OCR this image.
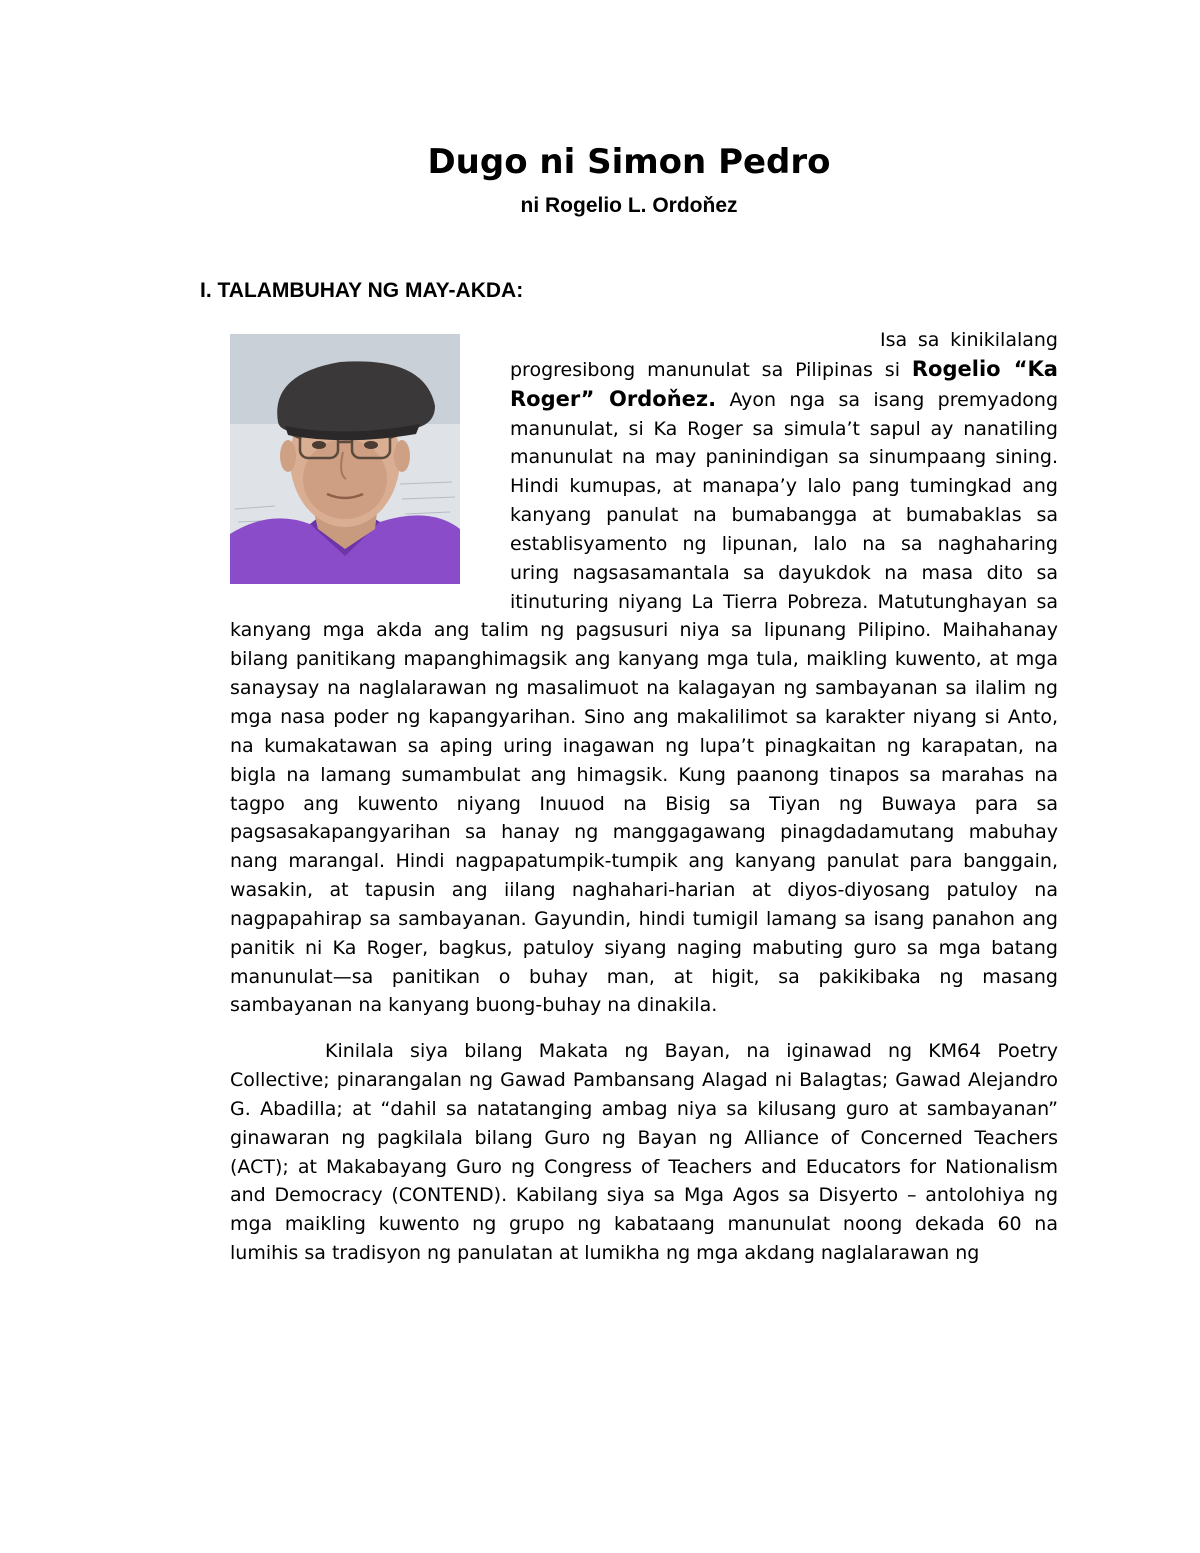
Dugo ni Simon Pedro
ni Rogelio L. Ordoňez
I. TALAMBUHAY NG MAY-AKDA:

Isa sa kinikilalang progresibong manunulat sa Pilipinas si Rogelio “Ka Roger” Ordoňez. Ayon nga sa isang premyadong manunulat, si Ka Roger sa simula’t sapul ay nanatiling manunulat na may paninindigan sa sinumpaang sining. Hindi kumupas, at manapa’y lalo pang tumingkad ang kanyang panulat na bumabangga at bumabaklas sa establisyamento ng lipunan, lalo na sa naghaharing uring nagsasamantala sa dayukdok na masa dito sa itinuturing niyang La Tierra Pobreza. Matutunghayan sa kanyang mga akda ang talim ng pagsusuri niya sa lipunang Pilipino. Maihahanay bilang panitikang mapanghimagsik ang kanyang mga tula, maikling kuwento, at mga sanaysay na naglalarawan ng masalimuot na kalagayan ng sambayanan sa ilalim ng mga nasa poder ng kapangyarihan. Sino ang makalilimot sa karakter niyang si Anto, na kumakatawan sa aping uring inagawan ng lupa’t pinagkaitan ng karapatan, na bigla na lamang sumambulat ang himagsik. Kung paanong tinapos sa marahas na tagpo ang kuwento niyang Inuuod na Bisig sa Tiyan ng Buwaya para sa pagsasakapangyarihan sa hanay ng manggagawang pinagdadamutang mabuhay nang marangal. Hindi nagpapatumpik-tumpik ang kanyang panulat para banggain, wasakin, at tapusin ang iilang naghahari-harian at diyos-diyosang patuloy na nagpapahirap sa sambayanan. Gayundin, hindi tumigil lamang sa isang panahon ang panitik ni Ka Roger, bagkus, patuloy siyang naging mabuting guro sa mga batang manunulat—sa panitikan o buhay man, at higit, sa pakikibaka ng masang sambayanan na kanyang buong-buhay na dinakila.

Kinilala siya bilang Makata ng Bayan, na iginawad ng KM64 Poetry Collective; pinarangalan ng Gawad Pambansang Alagad ni Balagtas; Gawad Alejandro G. Abadilla; at “dahil sa natatanging ambag niya sa kilusang guro at sambayanan” ginawaran ng pagkilala bilang Guro ng Bayan ng Alliance of Concerned Teachers (ACT); at Makabayang Guro ng Congress of Teachers and Educators for Nationalism and Democracy (CONTEND). Kabilang siya sa Mga Agos sa Disyerto – antolohiya ng mga maikling kuwento ng grupo ng kabataang manunulat noong dekada 60 na lumihis sa tradisyon ng panulatan at lumikha ng mga akdang naglalarawan ng
